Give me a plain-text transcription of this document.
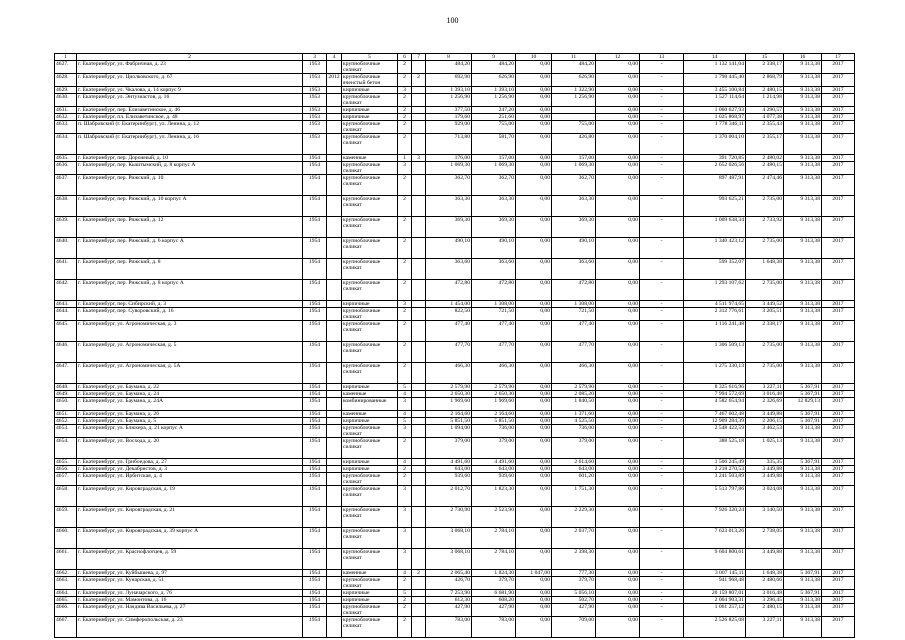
100
1	2	3	4	5	6	7	8	9	10	11	12	13	14	15	16	17
4627.	г. Екатеринбург, ул. Фабричная, д. 23	1953		крупноблочные силикат	2		484,20	484,20	0,00	484,20	0,00	-	1 132 141,04	2 338,17	9 313,38	2017
4628.	г. Екатеринбург, ул. Циолковского, д. 67	1953	2012	крупноблочные ячеистый бетон	2	2	692,90	626,90	0,00	626,90	0,00	-	1 798 445,40	2 868,79	9 313,38	2017
4629.	г. Екатеринбург, ул. Чкалова, д. 14 корпус 9	1953		кирпичные	3		1 393,10	1 393,10	0,00	1 322,90	0,00	-	3 455 100,84	2 480,15	9 313,38	2017
4630.	г. Екатеринбург, ул. Энтузиастов, д. 16	1953		крупноблочные силикат	2		1 256,90	1 256,90	0,00	1 256,90	0,00	-	1 527 114,64	1 214,98	9 313,38	2017
4631.	г. Екатеринбург, пер. Елизаветинское, д. 46	1953		кирпичные	2		377,50	247,20	0,00		0,00	-	1 060 627,93	4 290,57	9 313,38	2017
4632.	г. Екатеринбург, пл. Елизаветинское, д. 48	1953		кирпичные	2		179,60	251,60	0,00		0,00	-	1 025 868,97	4 077,38	9 313,38	2017
4633.	п. Шабровский (г. Екатеринбург), ул. Ленина, д. 12	1953		крупноблочные силикат	2		929,00	755,00	0,00	755,00	0,00	-	1 778 346,11	2 355,43	9 313,38	2017
4634.	п. Шабровский (г. Екатеринбург), ул. Ленина, д. 16	1953		крупноблочные силикат	2		713,80	581,70	0,00	426,80	0,00	-	1 370 004,10	2 355,17	9 313,38	2017
4635.	г. Екатеринбург, пер. Дорожный, д. 10	1954		каменные	1	3	176,00	157,00	0,00	157,00	0,00	-	391 720,85	2 480,02	9 313,38	2017
4636.	г. Екатеринбург, пер. Кыштымский, д. 8 корпус А	1954		крупноблочные силикат	3		1 069,30	1 069,30	0,00	1 069,30	0,00	-	2 652 026,56	2 480,15	9 313,38	2017
4637.	г. Екатеринбург, пер. Рижский, д. 10	1954		крупноблочные силикат	2		362,70	362,70	0,00	362,70	0,00	-	897 487,91	2 474,46	9 313,38	2017
4638.	г. Екатеринбург, пер. Рижский, д. 10 корпус А	1954		крупноблочные силикат	2		363,30	363,30	0,00	363,30	0,00	-	993 625,21	2 735,00	9 313,38	2017
4639.	г. Екатеринбург, пер. Рижский, д. 12	1954		крупноблочные силикат	2		369,30	369,30	0,00	369,30	0,00	-	1 009 638,34	2 733,92	9 313,38	2017
4640.	г. Екатеринбург, пер. Рижский, д. 6 корпус А	1954		крупноблочные силикат	2		490,10	490,10	0,00	490,10	0,00	-	1 340 423,12	2 735,00	9 313,38	2017
4641.	г. Екатеринбург, пер. Рижский, д. 8	1954		крупноблочные силикат	2		363,60	363,60	0,00	363,60	0,00	-	599 352,07	1 648,38	9 313,38	2017
4642.	г. Екатеринбург, пер. Рижский, д. 8 корпус А	1954		крупноблочные силикат	2		472,80	472,80	0,00	472,80	0,00	-	1 293 107,62	2 735,00	9 313,38	2017
4643.	г. Екатеринбург, пер. Сибирский, д. 3	1954		кирпичные	3		1 454,00	1 308,00	0,00	1 308,00	0,00	-	4 511 974,65	3 449,52	9 313,38	2017
4644.	г. Екатеринбург, пер. Суворовский, д. 16	1954		крупноблочные силикат	2		822,50	721,50	0,00	721,50	0,00	-	2 312 776,61	3 205,51	9 313,38	2017
4645.	г. Екатеринбург, ул. Агрономическая, д. 3	1954		крупноблочные силикат	2		477,40	477,40	0,00	477,40	0,00	-	1 116 241,48	2 338,17	9 313,38	2017
4646.	г. Екатеринбург, ул. Агрономическая, д. 5	1954		крупноблочные силикат	2		477,70	477,70	0,00	477,70	0,00	-	1 306 509,13	2 735,00	9 313,38	2017
4647.	г. Екатеринбург, ул. Агрономическая, д. 5А	1954		крупноблочные силикат	2		466,30	466,30	0,00	466,30	0,00	-	1 275 330,13	2 735,00	9 313,38	2017
4648.	г. Екатеринбург, ул. Баумана, д. 22	1954		кирпичные	5		2 579,90	2 579,90	0,00	2 579,90	0,00	-	8 325 616,96	3 227,11	5 367,91	2017
4649.	г. Екатеринбург, ул. Баумана, д. 24	1954		каменные	4		2 650,30	2 650,30	0,00	2 085,20	0,00	-	7 994 572,69	3 016,48	5 367,91	2017
4650.	г. Екатеринбург, ул. Баумана, д. 24А	1954		комбинированные	3		1 969,60	1 969,60	0,00	1 840,50	0,00	-	4 582 654,94	2 326,69	12 829,13	2017
4651.	г. Екатеринбург, ул. Баумана, д. 26	1954		каменные	4		2 164,60	2 164,60	0,00	1 371,60	0,00	-	7 467 602,48	3 449,88	5 367,91	2017
4652.	г. Екатеринбург, ул. Баумана, д. 5	1954		кирпичные	5		5 851,50	5 851,50	0,00	4 525,50	0,00	-	12 909 284,39	2 206,15	5 367,91	2017
4653.	г. Екатеринбург, ул. Блюхера, д. 21 корпус А	1954		крупноблочные силикат	3		1 094,00	736,00	0,00	736,00	0,00	-	2 548 422,59	3 462,53	9 313,38	2017
4654.	г. Екатеринбург, ул. Восхода, д. 20	1954		крупноблочные силикат	2		379,00	379,00	0,00	379,00	0,00	-	388 525,18	1 025,13	9 313,38	2017
4655.	г. Екатеринбург, ул. Грибоедова, д. 27	1954		кирпичные	4		4 491,60	4 491,60	0,00	2 614,60	0,00	-	1 506 245,49	335,35	5 367,91	2017
4656.	г. Екатеринбург, ул. Декабристов, д. 3	1954		кирпичные	2		643,00	643,00	0,00	643,00	0,00	-	2 218 270,53	3 449,88	9 313,38	2017
4657.	г. Екатеринбург, ул. Ирбитская, д. 4	1954		крупноблочные силикат	2		939,60	939,60	0,00	601,20	0,00	-	3 241 503,89	3 449,88	9 313,38	2017
4658.	г. Екатеринбург, ул. Кировградская, д. 19	1954		крупноблочные силикат	3		2 012,70	1 823,30	0,00	1 751,30	0,00	-	5 513 797,86	3 024,08	9 313,38	2017
4659.	г. Екатеринбург, ул. Кировградская, д. 21	1954		крупноблочные силикат	3		2 730,90	2 523,90	0,00	2 229,30	0,00	-	7 926 320,24	3 140,50	9 313,38	2017
4660.	г. Екатеринбург, ул. Кировградская, д. 39 корпус А	1954		крупноблочные силикат	3		3 068,10	2 784,10	0,00	2 037,70	0,00	-	7 623 013,26	2 738,05	9 313,38	2017
4661.	г. Екатеринбург, ул. Краснофлотцев, д. 59	1954		крупноблочные силикат	3		3 068,10	2 784,10	0,00	2 398,30	0,00	-	9 604 800,61	3 449,88	9 313,38	2017
4662.	г. Екатеринбург, ул. Куйбышева, д. 97	1954		каменные	4	2	2 065,40	1 824,30	1 047,00	777,30	0,00	-	3 007 145,11	1 648,38	5 367,91	2017
4663.	г. Екатеринбург, ул. Кунарская, д. 51	1954		крупноблочные силикат	2		426,70	379,70	0,00	379,70	0,00	-	941 968,48	2 480,66	9 313,38	2017
4664.	г. Екатеринбург, ул. Луначарского, д. 76	1954		кирпичные	5		7 253,90	6 681,90	0,00	5 056,10	0,00	-	20 159 807,01	3 016,48	5 367,91	2017
4665.	г. Екатеринбург, ул. Мамонтова, д. 16	1954		кирпичные	2		612,30	608,20	0,00	502,70	0,00	-	2 004 903,31	3 296,45	9 313,38	2017
4666.	г. Екатеринбург, ул. Начдива Васильева, д. 27	1954		крупноблочные силикат	2		427,90	427,90	0,00	427,90	0,00	-	1 061 257,12	2 480,15	9 313,38	2017
4667.	г. Екатеринбург, ул. Симферопольская, д. 23	1954		крупноблочные силикат	2		783,00	783,00	0,00	709,00	0,00	-	2 526 825,08	3 227,11	9 313,38	2017
